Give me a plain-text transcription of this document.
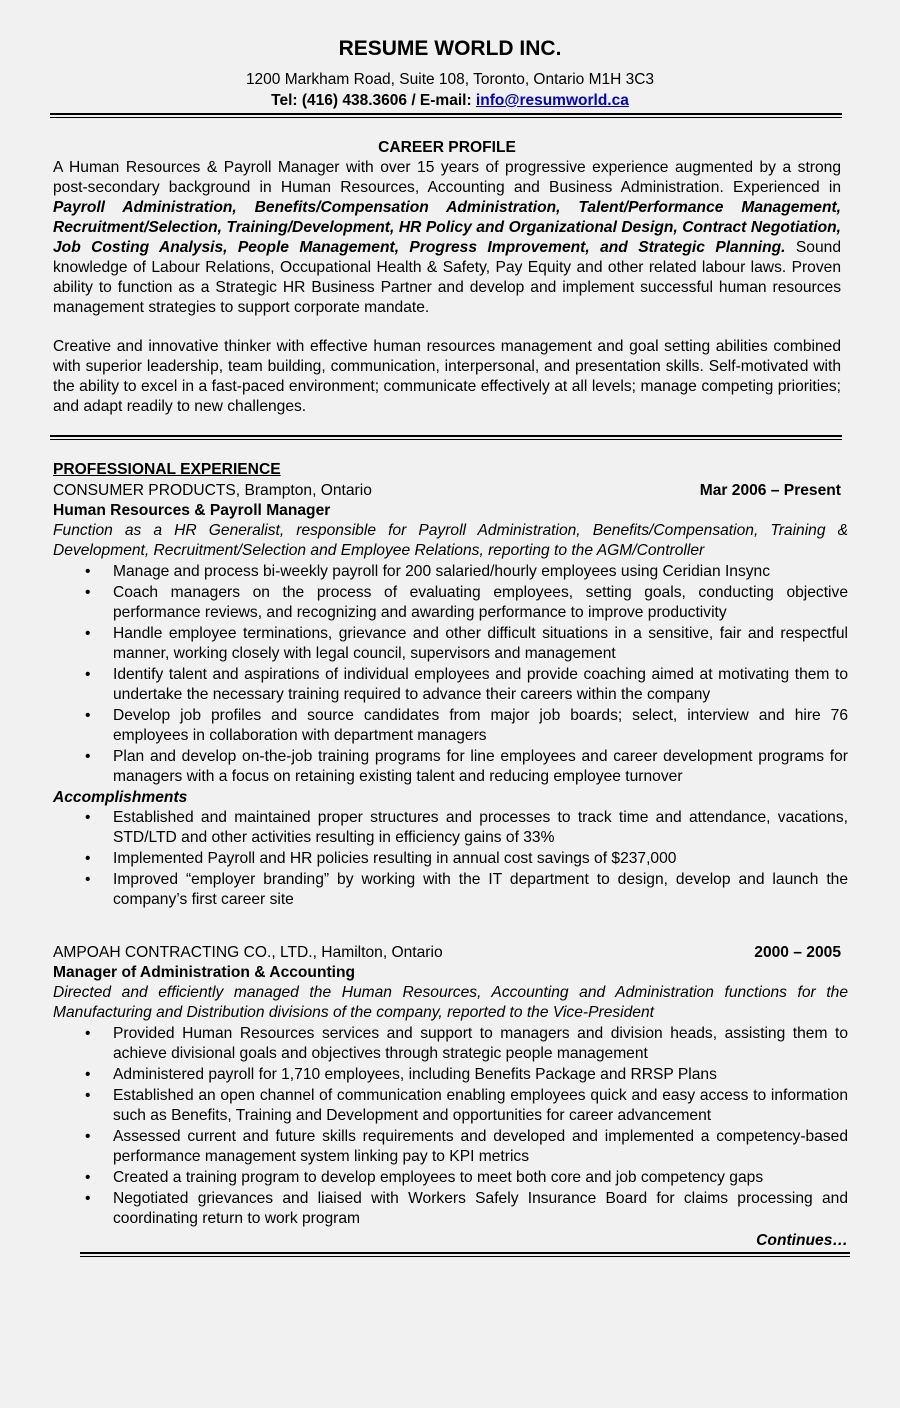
RESUME WORLD INC.
1200 Markham Road, Suite 108, Toronto, Ontario M1H 3C3
Tel: (416) 438.3606 / E-mail: info@resumworld.ca
CAREER PROFILE

A Human Resources & Payroll Manager with over 15 years of progressive experience augmented by a strong post-secondary background in Human Resources, Accounting and Business Administration. Experienced in Payroll Administration, Benefits/Compensation Administration, Talent/Performance Management, Recruitment/Selection, Training/Development, HR Policy and Organizational Design, Contract Negotiation, Job Costing Analysis, People Management, Progress Improvement, and Strategic Planning. Sound knowledge of Labour Relations, Occupational Health & Safety, Pay Equity and other related labour laws. Proven ability to function as a Strategic HR Business Partner and develop and implement successful human resources management strategies to support corporate mandate.

Creative and innovative thinker with effective human resources management and goal setting abilities combined with superior leadership, team building, communication, interpersonal, and presentation skills. Self-motivated with the ability to excel in a fast-paced environment; communicate effectively at all levels; manage competing priorities; and adapt readily to new challenges.

PROFESSIONAL EXPERIENCE
CONSUMER PRODUCTS, Brampton, Ontario	Mar 2006 – Present
Human Resources & Payroll Manager

Function as a HR Generalist, responsible for Payroll Administration, Benefits/Compensation, Training & Development, Recruitment/Selection and Employee Relations, reporting to the AGM/Controller

• Manage and process bi-weekly payroll for 200 salaried/hourly employees using Ceridian Insync
• Coach managers on the process of evaluating employees, setting goals, conducting objective performance reviews, and recognizing and awarding performance to improve productivity
• Handle employee terminations, grievance and other difficult situations in a sensitive, fair and respectful manner, working closely with legal council, supervisors and management
• Identify talent and aspirations of individual employees and provide coaching aimed at motivating them to undertake the necessary training required to advance their careers within the company
• Develop job profiles and source candidates from major job boards; select, interview and hire 76 employees in collaboration with department managers
• Plan and develop on-the-job training programs for line employees and career development programs for managers with a focus on retaining existing talent and reducing employee turnover
Accomplishments
• Established and maintained proper structures and processes to track time and attendance, vacations, STD/LTD and other activities resulting in efficiency gains of 33%
• Implemented Payroll and HR policies resulting in annual cost savings of $237,000
• Improved “employer branding” by working with the IT department to design, develop and launch the company’s first career site
AMPOAH CONTRACTING CO., LTD., Hamilton, Ontario	2000 – 2005
Manager of Administration & Accounting

Directed and efficiently managed the Human Resources, Accounting and Administration functions for the Manufacturing and Distribution divisions of the company, reported to the Vice-President

• Provided Human Resources services and support to managers and division heads, assisting them to achieve divisional goals and objectives through strategic people management
• Administered payroll for 1,710 employees, including Benefits Package and RRSP Plans
• Established an open channel of communication enabling employees quick and easy access to information such as Benefits, Training and Development and opportunities for career advancement
• Assessed current and future skills requirements and developed and implemented a competency-based performance management system linking pay to KPI metrics
• Created a training program to develop employees to meet both core and job competency gaps
• Negotiated grievances and liaised with Workers Safely Insurance Board for claims processing and coordinating return to work program
Continues…
